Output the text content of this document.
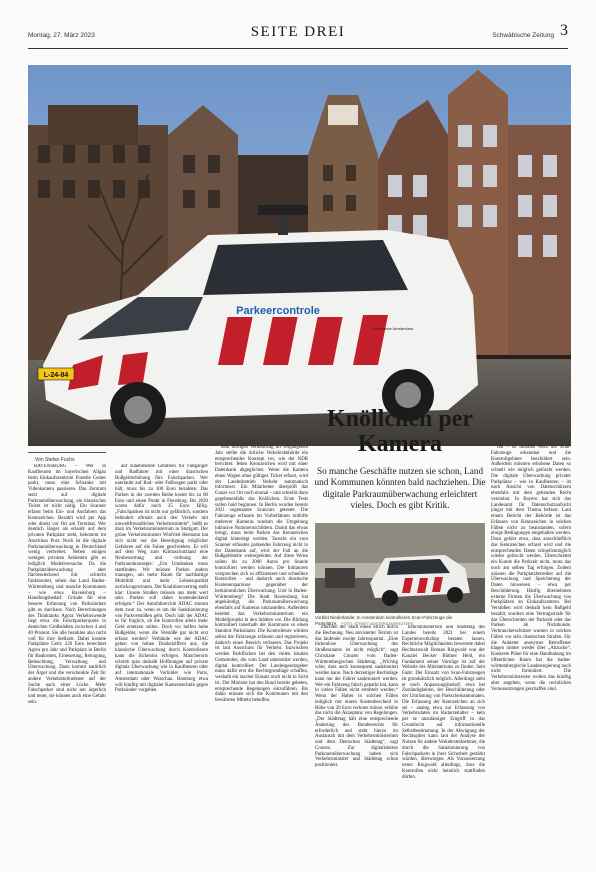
Montag, 27. März 2023	SEITE DREI	Schwäbische Zeitung 3
Parkeercontrole
L-24-84
Gemeente Amsterdam
Von Stefan Fuchs

RAVENSBURG – Wer in Kaufbeuren im bayerischen Allgäu beim Einkaufszentrum Forettle Center parkt, muss eine Schranke mit Videokamera passieren. Das Zentrum setzt auf digitale Parkraumüberwachung, ein klassisches Ticket ist nicht nötig. Ein Scanner erfasst beim Ein- und Ausfahren das Kennzeichen. Bezahlt wird per App oder direkt vor Ort am Terminal. Wer deutlich länger als erlaubt auf dem privaten Parkplatz steht, bekommt im Anschluss Post. Noch ist die digitale Parkraumüberwachung in Deutschland wenig verbreitet. Neben einigen wenigen privaten Anbietern gibt es lediglich Modellversuche. Da die Parkplatzüberwachung aber flächendeckend mit schlecht funktioniert, sehen das Land Baden-Württemberg und manche Kommunen – wie etwa Ravensburg – Handlungsbedarf. Gründe für eine bessere Erfassung von Parksündern gibt es durchaus. Nach Berechnungen des Thinktanks Agora Verkehrswende liegt etwa die Falschparkerquote in deutschen Großstädten zwischen 4 und 40 Prozent. Sie alle bezahlen also nicht voll für ihre Stellzeit. Dabei kostete Parkplätze Geld: 220 Euro berechnet Agora pro Jahr und Parkplatz in Berlin für Baukosten, Erneuerung, Reinigung, Beleuchtung, Verwaltung und Überwachung. Dazu kommt natürlich der Ärger und die verschenkte Zeit für andere Verkehrsteilnehmer auf der Suche nach einer Lücke. Mehr Falschparker sind nicht nur ärgerlich und teuer, sie können auch eine Gefahr sein.

auf zunehmende Gefahren für Fußgänger und Radfahrer mit einer drastischen Bußgelderhöhung fürs Falschparken. Wer unerlaubt auf Rad- oder Fußwegen parkt oder hält, muss bis zu 100 Euro bezahlen. Das Parken in der zweiten Reihe kostet bis zu 80 Euro und einen Punkt in Flensburg. Bis 2020 waren dafür noch 25 Euro fällig. „Falschparken ist nicht nur gefährlich, sondern behindert oftmals auch den Verkehr mit umweltfreundlichen Verkehrsmitteln“, heißt es dazu im Verkehrsministerium in Stuttgart. Der grüne Verkehrsminister Winfried Hermann hat sich nicht nur die Beseitigung möglicher Gefahren auf die Fahne geschrieben. Er will auf dem Weg zum Klimaschutzland eine Neubewertung und -ordnung der Parkraumkonzepte: „Um Umdenken muss stattfinden. Wir müssen Parken anders managen, um mehr Raum für nachhaltige Mobilität und mehr Lebensqualität zurückzugewinnen. Der Koalitionsvertrag stellt klar: Unsere Straßen müssen uns mehr wert sein. Parken soll daher kostendeckend erfolgen.“ Der Autofahrerclub ADAC stimmt dem zwar zu, wenn es um die Sanktionierung von Parkverstößen geht. Doch hält der ADAC es für fraglich, ob die Kontrollen allein mehr Geld ersetzen sollen. Doch wo helfen hohe Bußgelder, wenn die Verstöße gar nicht erst erfasst werden? Verbände wie der ADAC gehen von hohen Dunkelziffern aus, die klassische Überwachung durch Kontrolleure kann die lückenlos erfolgen. Mancherorts schrieb man deshalb Hoffnungen auf private digitale Überwachung wie in Kaufbeuren oder auf internationale Vorbilder wie Paris, Amsterdam oder Warschau. Hamburg etwa will künftig mit digitaler Kameratechnik gegen Parksünder vorgehen.

dem dortigen Verkehrstag im vergangenen Jahr stellte die örtliche Verkehrsbehörde ein entsprechendes Konzept vor, wie der NDR berichtet: Jeden Kennzeichen wird mit einer Datenbank abgeglichen. Wenn die Kamera einen Wagen ohne gültiges Ticket erfasst, wird der Landesbetrieb Verkehr automatisch informiert. Ein Mitarbeiter überprüft das Ganze vor Ort noch einmal – und schreibt dann gegebenenfalls das Knöllchen. Erste Tests sollen bald beginnen. In Berlin wurden bereits 2021 sogenannte Scancars getestet. Die Fahrzeuge erfassen im Vorbeifahren mithilfe mehrerer Kameras rundum die Umgebung inklusive Nummernschildern. Damit das etwas bringt, muss beim Parken das Kennzeichen digital hinterlegt werden. Tauscht ein vom Scanner erfasstes parkendes Fahrzeug nicht in der Datenbank auf, wird der Fall an die Bußgeldstelle weitergeleitet. Auf diese Weise sollen bis zu 2000 Autos pro Stunde kontrolliert werden können. Die Initiatoren versprechen sich so effizientere und schnellere Kontrollen – und dadurch auch drastische Kostenersparnisse gegenüber der herkömmlichen Überwachung. Und in Baden-Württemberg? Die Stadt Ravensburg hat angekündigt, die Parkraumüberwachung ebenfalls auf Kameras umzustellen. Außerdem bereitet das Verkehrsministerium ein Modellprojekt in den Städten vor. Die Bildung kontrolliert innerhalb der Kommune so einen Standort Parksünder. Die Kontrolleure würden selbst die Fahrzeuge erfassen und registrieren, dadurch einen Bereich verlassen. Das Projekt ist laut Ausschuss für Verkehr. Inzwischen werden Parkflächen bei den vielen lokalen Gemeinden, die vom Land unterstützt werden, digital kontrolliert. Der Landesgesetzgeber muss dafür erst die Rechtsgrundlage schaffen, weshalb ein rascher Einsatz noch nicht in Sicht ist. Der Minister hat den Bund bereits gebeten, entsprechende Regelungen einzuführen. Bis dahin müssen sich die Kommunen mit den bewährten Mitteln behelfen.

Knöllchen per Kamera
So manche Geschäfte nutzen sie schon, Land und Kommunen könnten bald nachziehen. Die digitale Parkraumüberwachung erleichtert vieles. Doch es gibt Kritik.
Vorbild Niederlande: In Amsterdam kontrollieren Scan-Fahrzeuge die Parkplätze. FOTO: STREET AMSTERDAM/REUTERS

machten der Stadt einen Strich durch die Rechnung. Neu anvisierter Termin ist das laufende zweite Jahresquartal. „Eine lückenlose Überwachung des Straßenraums ist nicht möglich“, sagt Christiane Conzen vom Baden-Württembergischen Städtetag. „Wichtig wäre, dass auch konsequent sanktioniert werden kann. Nach derzeitiger Rechtslage kann nur der Fahrer sanktioniert werden. Wer ein Fahrzeug falsch geparkt hat, kann in vielen Fällen nicht ermittelt werden.“ Wenn der Halter in solchen Fällen lediglich mit einem Kostenbescheid in Höhe von 20 Euro rechnen müsse, erhöhe das nicht die Akzeptanz von Regelungen. „Der Städtetag hält eine entsprechende Änderung des Bundesrechts für erforderlich und steht hierzu im Austausch mit dem Verkehrsministerium und dem Deutschen Städtetag“, sagt Conzen. Zur digitalisierten Parkraumüberwachung haben sich Verkehrsminister und Städtetag schon positioniert.

kehrsministerium und Städtetag des Landes bereits 2021 bei einem Expertenworkshop beraten lassen. Rechtliche Möglichkeiten bewertete dabei Rechtsanwalt Roman Ringwald von der Kanzlei Becker Büttner Held, ein Fundament seiner Vorträge ist auf der Website des Ministeriums zu finden. Sein Fazit: Der Einsatz von Scan-Fahrzeugen ist grundsätzlich möglich. Allerdings sieht er noch Anpassungsbedarf, etwa bei Zuständigkeiten, der Beschilderung oder der Umrüstung von Parkscheinautomaten. Die Erfassung der Kennzeichen an sich sei – analog etwa zur Erfassung von Verkehrsdaten im Radarzeitalter – kein per se unzulässiger Eingriff in das Grundrecht auf informationelle Selbstbestimmung. In der Abwägung der Rechtsgüter kann laut der Analyse der Nutzen für andere Verkehrsteilnehmer, die durch die Sanktionierung von Falschparkern in ihrer Sicherheit gestärkt würden, überwiegen. Als Voraussetzung nennt Ringwald allerdings, dass die Kontrollen nicht heimlich stattfinden dürfen.

fen – so müssten etwa die Scan-Fahrzeuge erkennbar und die Kontrollgebiete beschildert sein. Außerdem müssten erhobene Daten so schnell wie möglich gelöscht werden. Die digitale Überwachung privater Parkplätze – wie in Kaufbeuren – ist nach Ansicht von Datenschützern ebenfalls mit dem geltenden Recht vereinbar. In Bayern hat sich das Landesamt für Datenschutzaufsicht jüngst mit dem Thema befasst. Laut einem Bericht der Behörde ist das Erfassen von Kennzeichen in solchen Fällen nicht zu beanstanden, sofern einige Bedingungen eingehalten werden. Dazu gehört etwa, dass ausschließlich das Kennzeichen erfasst wird und die entsprechenden Daten schnellstmöglich wieder gelöscht werden. Überschreitet ein Kunde die Parkzeit nicht, muss das noch am selben Tag erfolgen. Zudem müssen die Parkplatzbetreiber auf die Überwachung und Speicherung der Daten hinweisen – etwa per Beschilderung. Häufig übernehmen externe Firmen die Überwachung von Parkplätzen an Einkaufszentren. Bei Verstößen wird deshalb kein Bußgeld bezahlt, sondern eine Vertragsstrafe für das Überschreiten der Parkzeit oder das Parken ab Nichtkunde. Verbraucherschützer warnen in solchen Fällen vor teils drastischen Strafen. Für die Anbieter anonymer Betroffener klagen immer wieder über „Abzocke“. Konkrete Pläne für eine Handhabung im öffentlichen Raum hat die baden-württembergische Landesregierung noch nicht formuliert. Die Verkehrsministerien wollen das künftig aber angehen, wenn die rechtlichen Voraussetzungen geschaffen sind.
